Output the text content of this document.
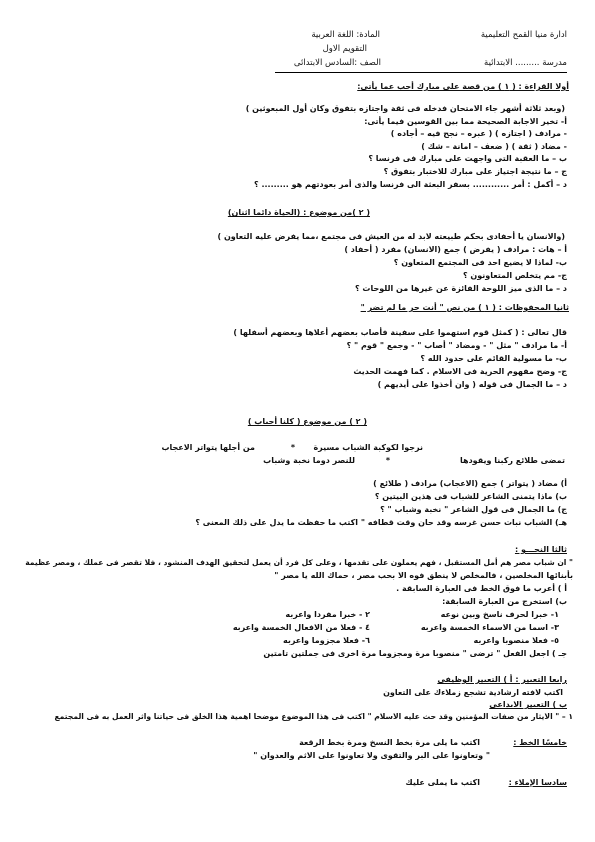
ادارة منيا القمح التعليمية
المادة: اللغة العربية
التقويم الاول
مدرسة ......... الابتدائية
الصف :السادس الابتدائى
أولا القراءة : ( ١ ) من قصة على مبارك أجب عما يأتى:
(وبعد ثلاثة أشهر جاء الامتحان فدخله فى ثقة واجتازه بتفوق وكان أول المبعوثين )
أ- تخير الاجابة الصحيحة مما بين القوسين فيما يأتى:
- مرادف ( اجتازه ) ( عبره – نجح فيه – أجاده )
- مضاد ( ثقة ) ( ضعف – امانة – شك )
ب – ما العقبة التى واجهت على مبارك فى فرنسا ؟
ج – ما نتيجة اجتياز على مبارك للاختبار بتفوق ؟
د – أكمل : أمر ............ بسفر البعثة الى فرنسا والذى أمر بعودتهم هو ......... ؟
( ٢ )من موضوع : (الحياة دائما اثنان)
(والانسان يا أحفادى بحكم طبيعته لابد له من العيش فى مجتمع ،مما يفرض عليه التعاون )
أ – هات : مرادف ( يفرض ) جمع (الانسان) مفرد ( أحفاد )
ب- لماذا لا يضيع احد فى المجتمع المتعاون ؟
ج- مم يتخلص المتعاونون ؟
د – ما الذى ميز اللوحة الفائزة عن غيرها من اللوحات ؟
ثانيا المحفوظات : ( ١ ) من نص " أنت حر ما لم تضر "
قال تعالى : ( كمثل قوم استهموا على سفينة فأصاب بعضهم أعلاها وبعضهم أسفلها )
أ- ما مرادف " مثل " - ومضاد " أصاب " - وجمع " قوم " ؟
ب- ما مسولية القائم على حدود الله ؟
ج- وضح مفهوم الحرية فى الاسلام . كما فهمت الحديث
د – ما الجمال فى قوله ( وان أخذوا على أيديهم )
( ٢ ) من موضوع ( كلنا أحباب )
نرجوا لكوكبة الشباب مسيرة
*
من أجلها يتواتر الاعجاب
تمضى طلائع ركبنا ويقودها
*
للنصر دوما نخبة وشباب
أ) مضاد ( يتواتر ) جمع (الاعجاب) مرادف ( طلائع )
ب) ماذا يتمنى الشاعر للشباب فى هذين البيتين ؟
ج) ما الجمال فى قول الشاعر " نخبة وشباب " ؟
هـ) الشباب نبات حسن غرسه وقد حان وقت قطافه " اكتب ما حفظت ما يدل على ذلك المعنى ؟
ثالثا النحـــو :
" ان شباب مصر هم أمل المستقبل ، فهم يعملون على تقدمها ، وعلى كل فرد أن يعمل لتحقيق الهدف المنشود ، فلا تقصر فى عملك ، ومصر عظيمة
بأبنائها المخلصين ، فالمخلص لا ينطق فوه الا بحب مصر ، حماك الله يا مصر "
أ ) أعرب ما فوق الخط فى العبارة السابقة .
ب) استخرج من العبارة السابقة:
١- خبرا لحرف ناسخ وبين نوعه
٢ - خبرا مفردا واعربه
٣- اسما من الاسماء الخمسة واعربه
٤ - فعلا من الافعال الخمسة واعربه
٥- فعلا منصوبا واعربه
٦- فعلا مجزوما واعربه
جـ ) اجعل الفعل " ترضى " منصوبا مرة ومجزوما مرة اخرى فى جملتين تامتين
رابعا التعبير : أ ) التعبير الوظيفى
اكتب لافته ارشادية تشجع زملاءك على التعاون
ب ) التعبير الابداعى
١ – " الايثار من صفات المؤمنين وقد حث عليه الاسلام " اكتب فى هذا الموضوع موضحا اهمية هذا الخلق فى حياتنا واثر العمل به فى المجتمع
خامسًا الخط :
اكتب ما يلى مرة بخط النسخ ومرة بخط الرقعة
" وتعاونوا على البر والتقوى ولا تعاونوا على الاثم والعدوان "
سادسا الإملاء :
اكتب ما يملى عليك
